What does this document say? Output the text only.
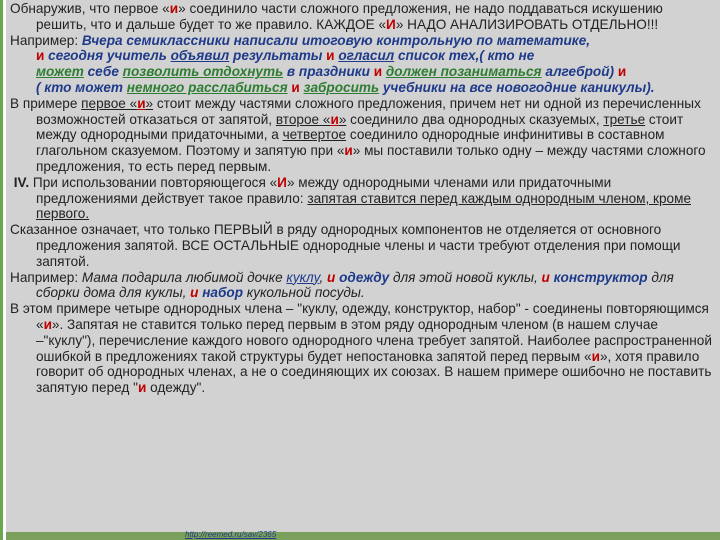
Обнаружив, что первое «и» соединило части сложного предложения, не надо поддаваться искушению решить, что и дальше будет то же правило. КАЖДОЕ «И» НАДО АНАЛИЗИРОВАТЬ ОТДЕЛЬНО!!!

Например: Вчера семиклассники написали итоговую контрольную по математике,
и сегодня учитель объявил результаты и огласил список тех,( кто не
может себе позволить отдохнуть в праздники и должен позаниматься алгеброй) и
( кто может немного расслабиться и забросить учебники на все новогодние каникулы).

В примере первое «и» стоит между частями сложного предложения, причем нет ни одной из перечисленных возможностей отказаться от запятой, второе «и» соединило два однородных сказуемых, третье стоит между однородными придаточными, а четвертое соединило однородные инфинитивы в составном глагольном сказуемом. Поэтому и запятую при «и» мы поставили только одну – между частями сложного предложения, то есть перед первым.

IV. При использовании повторяющегося «И» между однородными членами или придаточными предложениями действует такое правило: запятая ставится перед каждым однородным членом, кроме первого.

Сказанное означает, что только ПЕРВЫЙ в ряду однородных компонентов не отделяется от основного предложения запятой. ВСЕ ОСТАЛЬНЫЕ однородные члены и части требуют отделения при помощи запятой.

Например: Мама подарила любимой дочке куклу, и одежду для этой новой куклы, и конструктор для сборки дома для куклы, и набор кукольной посуды.

В этом примере четыре однородных члена – "куклу, одежду, конструктор, набор" - соединены повторяющимся «и». Запятая не ставится только перед первым в этом ряду однородным членом (в нашем случае –"куклу"), перечисление каждого нового однородного члена требует запятой. Наиболее распространенной ошибкой в предложениях такой структуры будет непостановка запятой перед первым «и», хотя правило говорит об однородных членах, а не о соединяющих их союзах. В нашем примере ошибочно не поставить запятую перед "и одежду".

http://reemed.ru/sav/2365
